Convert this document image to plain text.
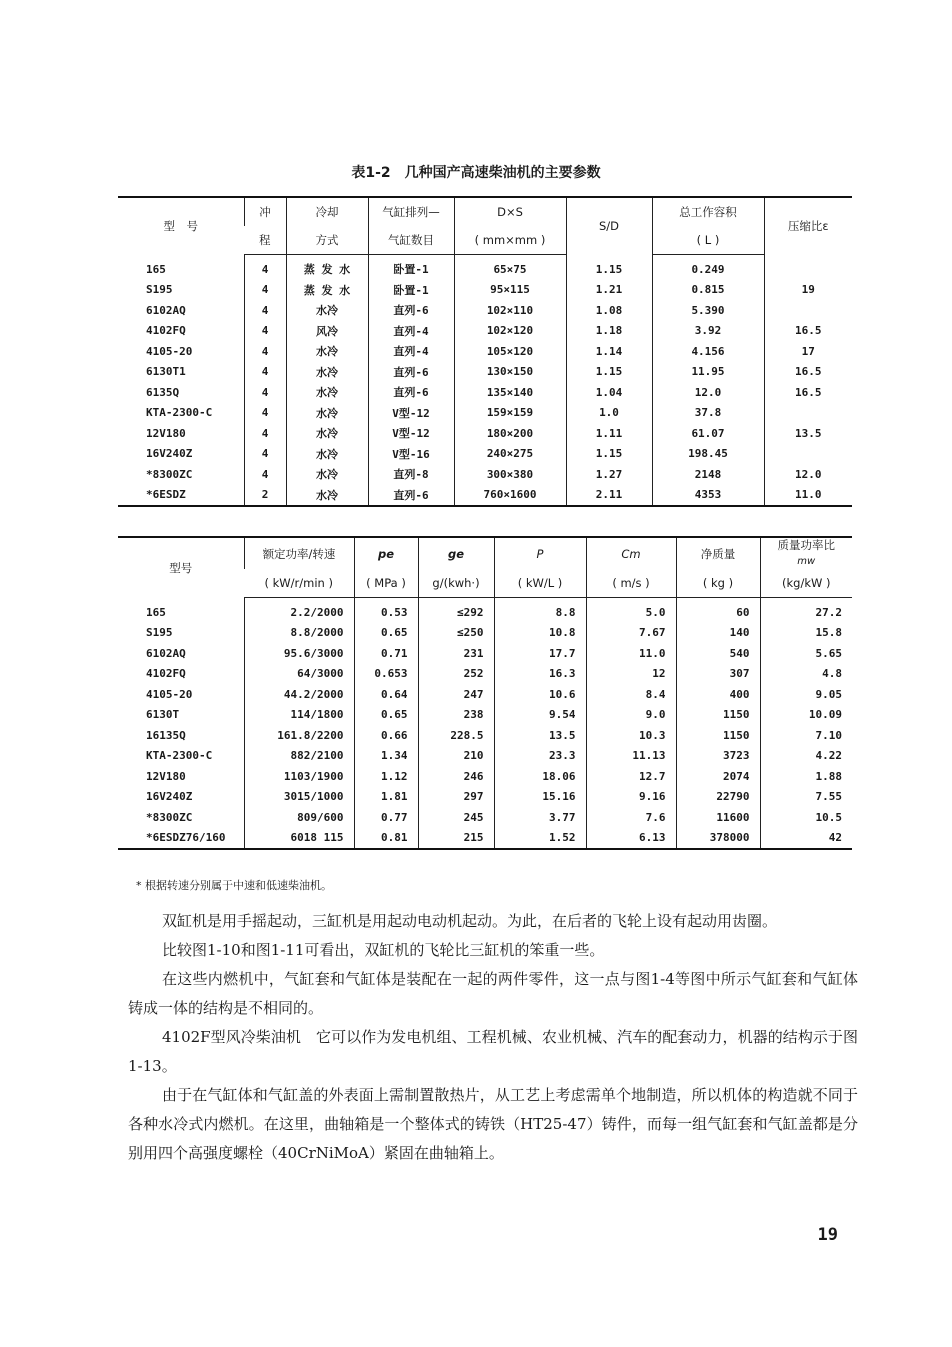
表1-2　几种国产高速柴油机的主要参数
型　号	冲	冷却	气缸排列—	D×S	S/D	总工作容积	压缩比ε
	程	方式	气缸数目	( mm×mm )		( L )	
165	4	蒸 发 水	卧置-1	65×75	1.15	0.249	
S195	4	蒸 发 水	卧置-1	95×115	1.21	0.815	19
6102AQ	4	水冷	直列-6	102×110	1.08	5.390	
4102FQ	4	风冷	直列-4	102×120	1.18	3.92	16.5
4105-20	4	水冷	直列-4	105×120	1.14	4.156	17
6130T1	4	水冷	直列-6	130×150	1.15	11.95	16.5
6135Q	4	水冷	直列-6	135×140	1.04	12.0	16.5
KTA-2300-C	4	水冷	V型-12	159×159	1.0	37.8	
12V180	4	水冷	V型-12	180×200	1.11	61.07	13.5
16V240Z	4	水冷	V型-16	240×275	1.15	198.45	
*8300ZC	4	水冷	直列-8	300×380	1.27	2148	12.0
*6ESDZ	2	水冷	直列-6	760×1600	2.11	4353	11.0
型号	额定功率/转速	pe	ge	P	Cm	净质量	质量功率比
mw
	( kW/r/min )	( MPa )	g/(kwh·)	( kW/L )	( m/s )	( kg )	(kg/kW )
165	2.2/2000	0.53	≤292	8.8	5.0	60	27.2
S195	8.8/2000	0.65	≤250	10.8	7.67	140	15.8
6102AQ	95.6/3000	0.71	231	17.7	11.0	540	5.65
4102FQ	64/3000	0.653	252	16.3	12	307	4.8
4105-20	44.2/2000	0.64	247	10.6	8.4	400	9.05
6130T	114/1800	0.65	238	9.54	9.0	1150	10.09
16135Q	161.8/2200	0.66	228.5	13.5	10.3	1150	7.10
KTA-2300-C	882/2100	1.34	210	23.3	11.13	3723	4.22
12V180	1103/1900	1.12	246	18.06	12.7	2074	1.88
16V240Z	3015/1000	1.81	297	15.16	9.16	22790	7.55
*8300ZC	809/600	0.77	245	3.77	7.6	11600	10.5
*6ESDZ76/160	6018 115	0.81	215	1.52	6.13	378000	42
* 根据转速分别属于中速和低速柴油机。

双缸机是用手摇起动，三缸机是用起动电动机起动。为此，在后者的飞轮上设有起动用齿圈。

比较图1-10和图1-11可看出，双缸机的飞轮比三缸机的笨重一些。

在这些内燃机中，气缸套和气缸体是装配在一起的两件零件，这一点与图1-4等图中所示气缸套和气缸体铸成一体的结构是不相同的。

4102F型风冷柴油机　它可以作为发电机组、工程机械、农业机械、汽车的配套动力，机器的结构示于图1-13。

由于在气缸体和气缸盖的外表面上需制置散热片，从工艺上考虑需单个地制造，所以机体的构造就不同于各种水冷式内燃机。在这里，曲轴箱是一个整体式的铸铁（HT25-47）铸件，而每一组气缸套和气缸盖都是分别用四个高强度螺栓（40CrNiMoA）紧固在曲轴箱上。

19
